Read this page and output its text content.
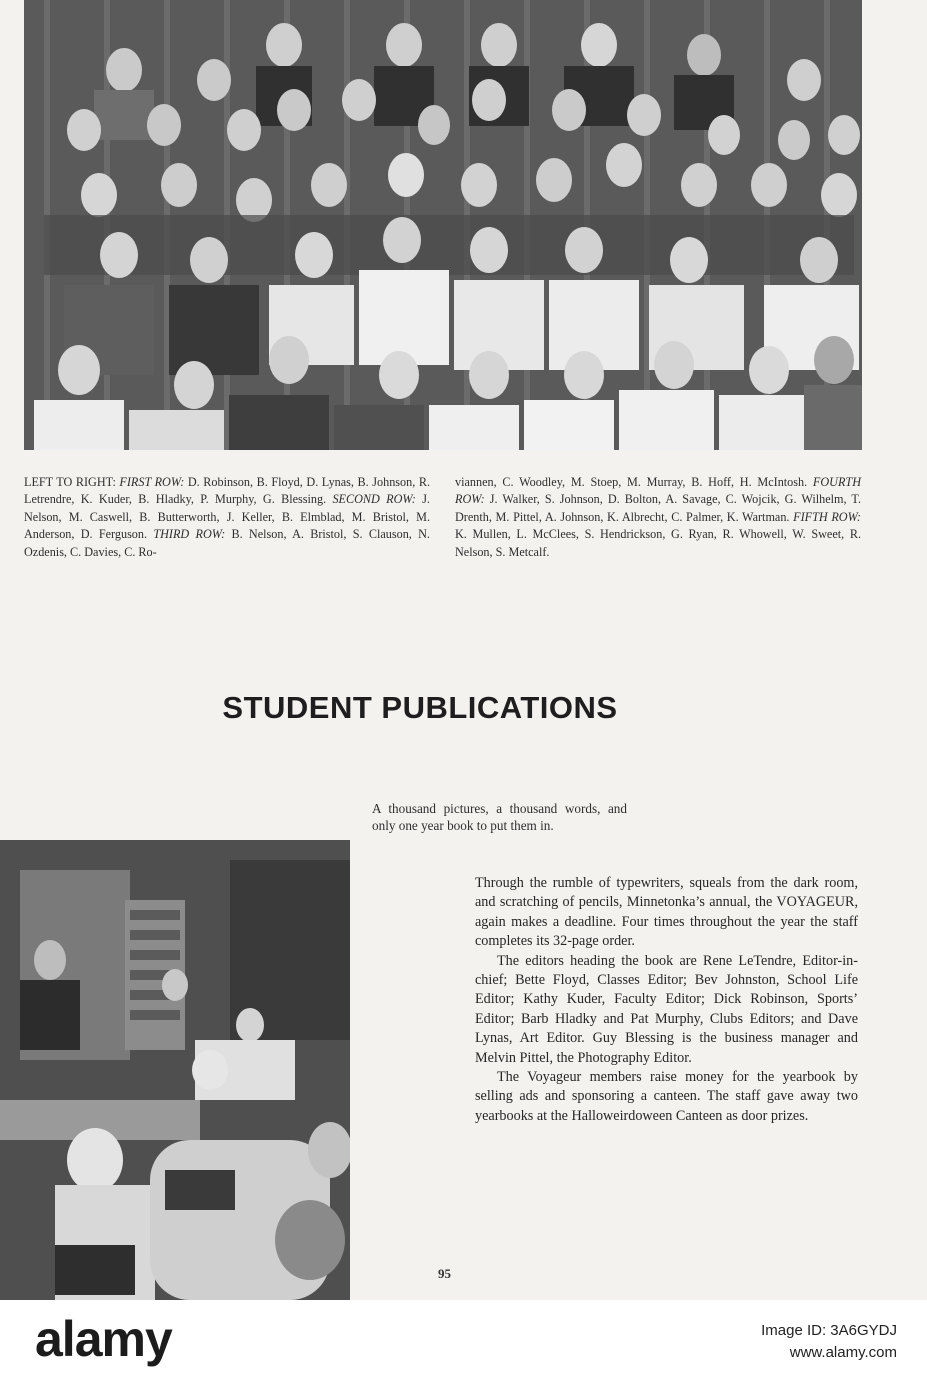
LEFT TO RIGHT: FIRST ROW: D. Robinson, B. Floyd, D. Lynas, B. Johnson, R. Letrendre, K. Kuder, B. Hladky, P. Murphy, G. Blessing. SECOND ROW: J. Nelson, M. Caswell, B. Butterworth, J. Keller, B. Elmblad, M. Bristol, M. Anderson, D. Ferguson. THIRD ROW: B. Nelson, A. Bristol, S. Clauson, N. Ozdenis, C. Davies, C. Ro-
viannen, C. Woodley, M. Stoep, M. Murray, B. Hoff, H. McIntosh. FOURTH ROW: J. Walker, S. Johnson, D. Bolton, A. Savage, C. Wojcik, G. Wilhelm, T. Drenth, M. Pittel, A. Johnson, K. Albrecht, C. Palmer, K. Wartman. FIFTH ROW: K. Mullen, L. McClees, S. Hendrickson, G. Ryan, R. Whowell, W. Sweet, R. Nelson, S. Metcalf.
STUDENT PUBLICATIONS
A thousand pictures, a thousand words, and only one year book to put them in.

Through the rumble of typewriters, squeals from the dark room, and scratching of pencils, Minnetonka’s annual, the VOYAGEUR, again makes a deadline. Four times throughout the year the staff completes its 32-page order.

The editors heading the book are Rene LeTendre, Editor-in-chief; Bette Floyd, Classes Editor; Bev Johnston, School Life Editor; Kathy Kuder, Faculty Editor; Dick Robinson, Sports’ Editor; Barb Hladky and Pat Murphy, Clubs Editors; and Dave Lynas, Art Editor. Guy Blessing is the business manager and Melvin Pittel, the Photography Editor.

The Voyageur members raise money for the yearbook by selling ads and sponsoring a canteen. The staff gave away two yearbooks at the Halloweirdoween Canteen as door prizes.

95
alamy	Image ID: 3A6GYDJ
www.alamy.com
